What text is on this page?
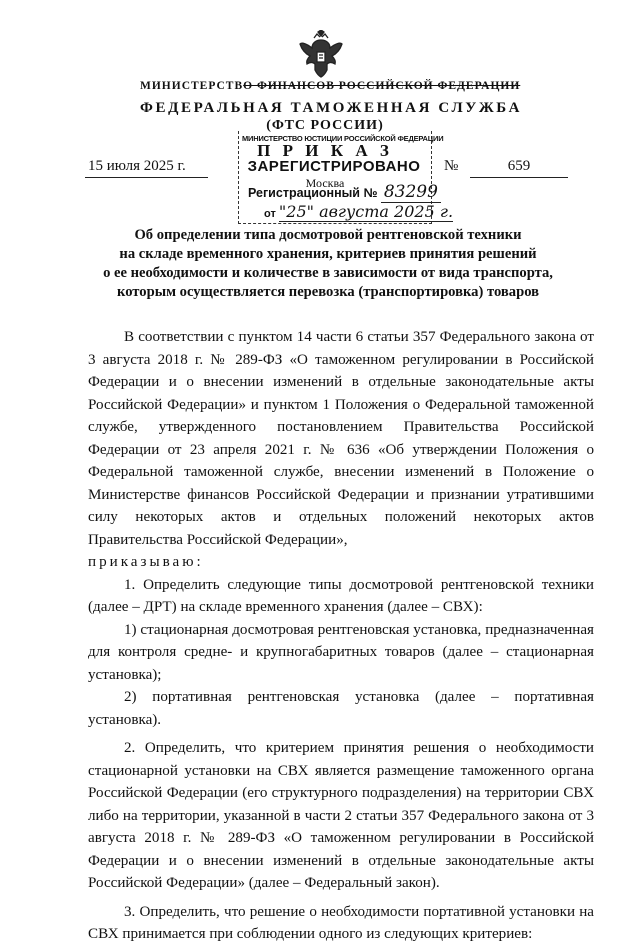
МИНИСТЕРСТВО ФИНАНСОВ РОССИЙСКОЙ ФЕДЕРАЦИИ
ФЕДЕРАЛЬНАЯ ТАМОЖЕННАЯ СЛУЖБА
(ФТС РОССИИ)
П Р И К А З
Москва
15 июля 2025 г.	№	659
МИНИСТЕРСТВО ЮСТИЦИИ РОССИЙСКОЙ ФЕДЕРАЦИИ
ЗАРЕГИСТРИРОВАНО
Регистрационный № 83299
от "25" августа 2025 г.
Об определении типа досмотровой рентгеновской техники
на складе временного хранения, критериев принятия решений
о ее необходимости и количестве в зависимости от вида транспорта,
которым осуществляется перевозка (транспортировка) товаров

В соответствии с пунктом 14 части 6 статьи 357 Федерального закона от 3 августа 2018 г. № 289-ФЗ «О таможенном регулировании в Российской Федерации и о внесении изменений в отдельные законодательные акты Российской Федерации» и пунктом 1 Положения о Федеральной таможенной службе, утвержденного постановлением Правительства Российской Федерации от 23 апреля 2021 г. № 636 «Об утверждении Положения о Федеральной таможенной службе, внесении изменений в Положение о Министерстве финансов Российской Федерации и признании утратившими силу некоторых актов и отдельных положений некоторых актов Правительства Российской Федерации»,

приказываю:

1. Определить следующие типы досмотровой рентгеновской техники (далее – ДРТ) на складе временного хранения (далее – СВХ):

1) стационарная досмотровая рентгеновская установка, предназначенная для контроля средне- и крупногабаритных товаров (далее – стационарная установка);

2) портативная рентгеновская установка (далее – портативная установка).

2. Определить, что критерием принятия решения о необходимости стационарной установки на СВХ является размещение таможенного органа Российской Федерации (его структурного подразделения) на территории СВХ либо на территории, указанной в части 2 статьи 357 Федерального закона от 3 августа 2018 г. № 289-ФЗ «О таможенном регулировании в Российской Федерации и о внесении изменений в отдельные законодательные акты Российской Федерации» (далее – Федеральный закон).

3. Определить, что решение о необходимости портативной установки на СВХ принимается при соблюдении одного из следующих критериев:
